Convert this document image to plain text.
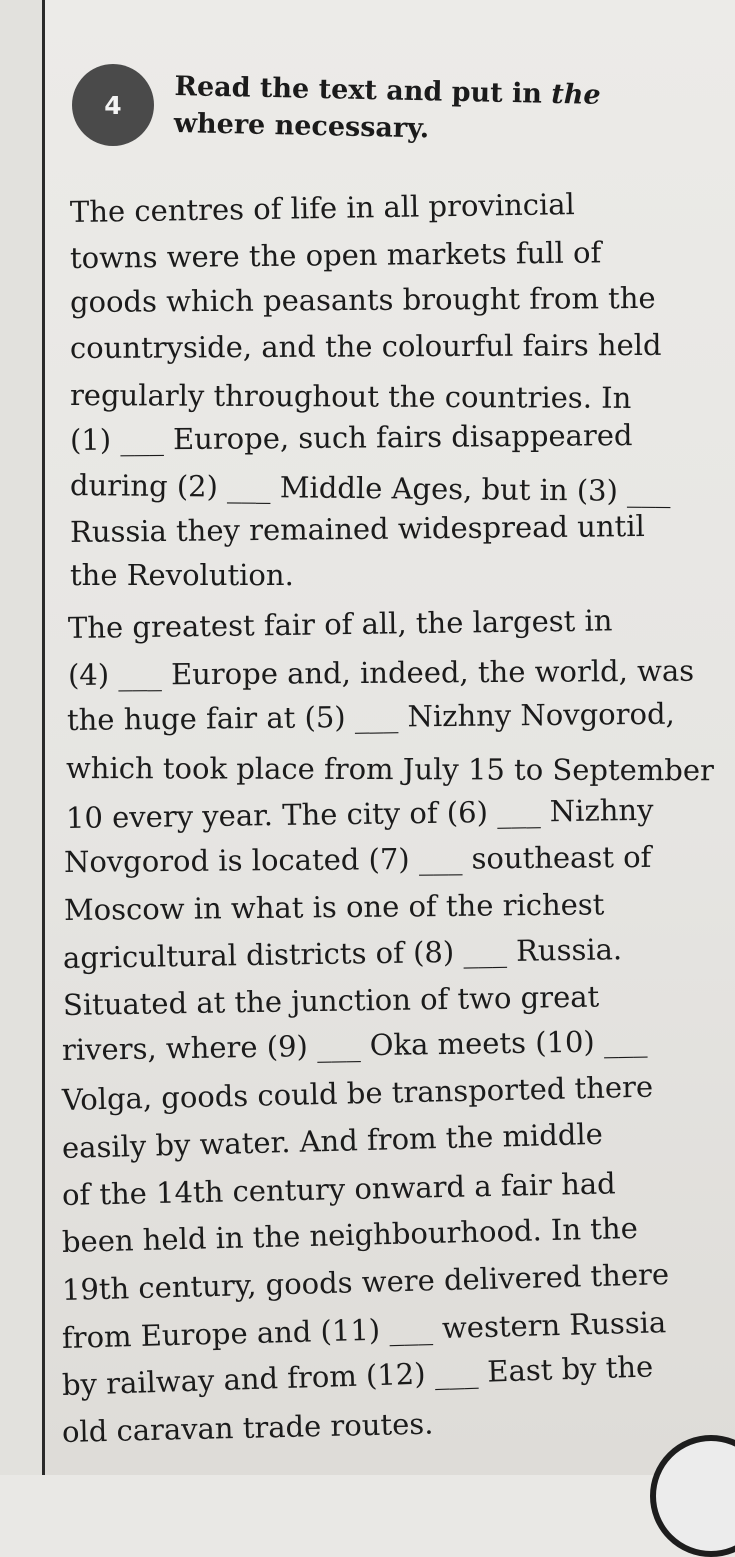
4 Read the text and put in the
where necessary.
The centres of life in all provincial
towns were the open markets full of
goods which peasants brought from the
countryside, and the colourful fairs held
regularly throughout the countries. In
(1) ___ Europe, such fairs disappeared
during (2) ___ Middle Ages, but in (3) ___
Russia they remained widespread until
the Revolution.
The greatest fair of all, the largest in
(4) ___ Europe and, indeed, the world, was
the huge fair at (5) ___ Nizhny Novgorod,
which took place from July 15 to September
10 every year. The city of (6) ___ Nizhny
Novgorod is located (7) ___ southeast of
Moscow in what is one of the richest
agricultural districts of (8) ___ Russia.
Situated at the junction of two great
rivers, where (9) ___ Oka meets (10) ___
Volga, goods could be transported there
easily by water. And from the middle
of the 14th century onward a fair had
been held in the neighbourhood. In the
19th century, goods were delivered there
from Europe and (11) ___ western Russia
by railway and from (12) ___ East by the
old caravan trade routes.
